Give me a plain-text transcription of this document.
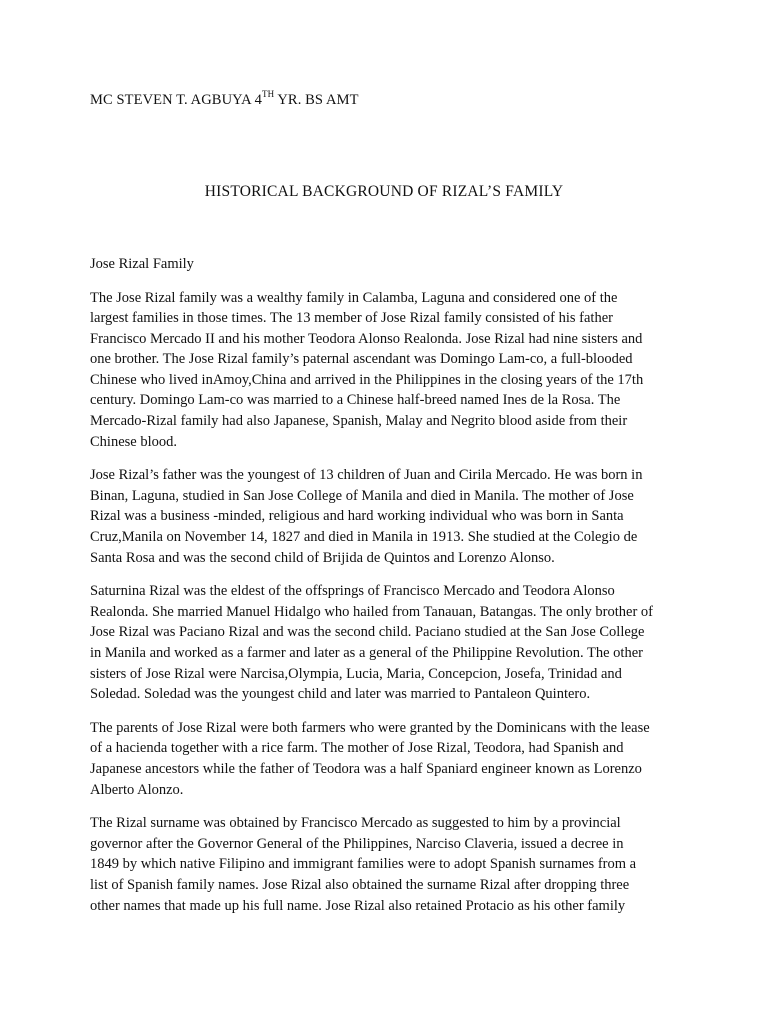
MC STEVEN T. AGBUYA 4TH YR. BS AMT
HISTORICAL BACKGROUND OF RIZAL’S FAMILY
Jose Rizal Family
The Jose Rizal family was a wealthy family in Calamba, Laguna and considered one of the
largest families in those times. The 13 member of Jose Rizal family consisted of his father
Francisco Mercado II and his mother Teodora Alonso Realonda. Jose Rizal had nine sisters and
one brother. The Jose Rizal family’s paternal ascendant was Domingo Lam-co, a full-blooded
Chinese who lived inAmoy,China and arrived in the Philippines in the closing years of the 17th
century. Domingo Lam-co was married to a Chinese half-breed named Ines de la Rosa. The
Mercado-Rizal family had also Japanese, Spanish, Malay and Negrito blood aside from their
Chinese blood.
Jose Rizal’s father was the youngest of 13 children of Juan and Cirila Mercado. He was born in
Binan, Laguna, studied in San Jose College of Manila and died in Manila. The mother of Jose
Rizal was a business -minded, religious and hard working individual who was born in Santa
Cruz,Manila on November 14, 1827 and died in Manila in 1913. She studied at the Colegio de
Santa Rosa and was the second child of Brijida de Quintos and Lorenzo Alonso.
Saturnina Rizal was the eldest of the offsprings of Francisco Mercado and Teodora Alonso
Realonda. She married Manuel Hidalgo who hailed from Tanauan, Batangas. The only brother of
Jose Rizal was Paciano Rizal and was the second child. Paciano studied at the San Jose College
in Manila and worked as a farmer and later as a general of the Philippine Revolution. The other
sisters of Jose Rizal were Narcisa,Olympia, Lucia, Maria, Concepcion, Josefa, Trinidad and
Soledad. Soledad was the youngest child and later was married to Pantaleon Quintero.
The parents of Jose Rizal were both farmers who were granted by the Dominicans with the lease
of a hacienda together with a rice farm. The mother of Jose Rizal, Teodora, had Spanish and
Japanese ancestors while the father of Teodora was a half Spaniard engineer known as Lorenzo
Alberto Alonzo.
The Rizal surname was obtained by Francisco Mercado as suggested to him by a provincial
governor after the Governor General of the Philippines, Narciso Claveria, issued a decree in
1849 by which native Filipino and immigrant families were to adopt Spanish surnames from a
list of Spanish family names. Jose Rizal also obtained the surname Rizal after dropping three
other names that made up his full name. Jose Rizal also retained Protacio as his other family
